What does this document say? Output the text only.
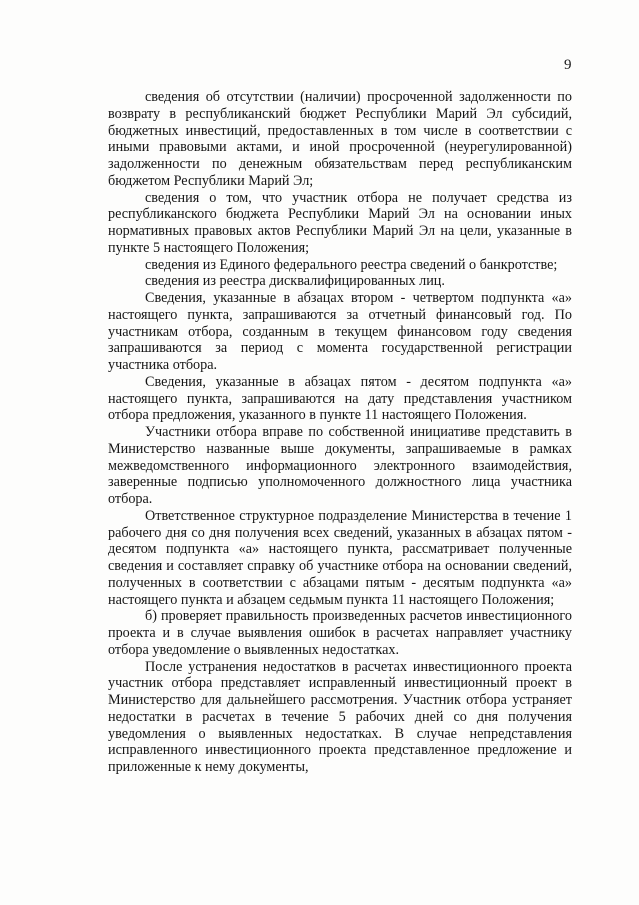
9

сведения об отсутствии (наличии) просроченной задолженности по возврату в республиканский бюджет Республики Марий Эл субсидий, бюджетных инвестиций, предоставленных в том числе в соответствии с иными правовыми актами, и иной просроченной (неурегулированной) задолженности по денежным обязательствам перед республиканским бюджетом Республики Марий Эл;

сведения о том, что участник отбора не получает средства из республиканского бюджета Республики Марий Эл на основании иных нормативных правовых актов Республики Марий Эл на цели, указанные в пункте 5 настоящего Положения;

сведения из Единого федерального реестра сведений о банкротстве;

сведения из реестра дисквалифицированных лиц.

Сведения, указанные в абзацах втором - четвертом подпункта «а» настоящего пункта, запрашиваются за отчетный финансовый год. По участникам отбора, созданным в текущем финансовом году сведения запрашиваются за период с момента государственной регистрации участника отбора.

Сведения, указанные в абзацах пятом - десятом подпункта «а» настоящего пункта, запрашиваются на дату представления участником отбора предложения, указанного в пункте 11 настоящего Положения.

Участники отбора вправе по собственной инициативе представить в Министерство названные выше документы, запрашиваемые в рамках межведомственного информационного электронного взаимодействия, заверенные подписью уполномоченного должностного лица участника отбора.

Ответственное структурное подразделение Министерства в течение 1 рабочего дня со дня получения всех сведений, указанных в абзацах пятом - десятом подпункта «а» настоящего пункта, рассматривает полученные сведения и составляет справку об участнике отбора на основании сведений, полученных в соответствии с абзацами пятым - десятым подпункта «а» настоящего пункта и абзацем седьмым пункта 11 настоящего Положения;

б) проверяет правильность произведенных расчетов инвестиционного проекта и в случае выявления ошибок в расчетах направляет участнику отбора уведомление о выявленных недостатках.

После устранения недостатков в расчетах инвестиционного проекта участник отбора представляет исправленный инвестиционный проект в Министерство для дальнейшего рассмотрения. Участник отбора устраняет недостатки в расчетах в течение 5 рабочих дней со дня получения уведомления о выявленных недостатках. В случае непредставления исправленного инвестиционного проекта представленное предложение и приложенные к нему документы,
